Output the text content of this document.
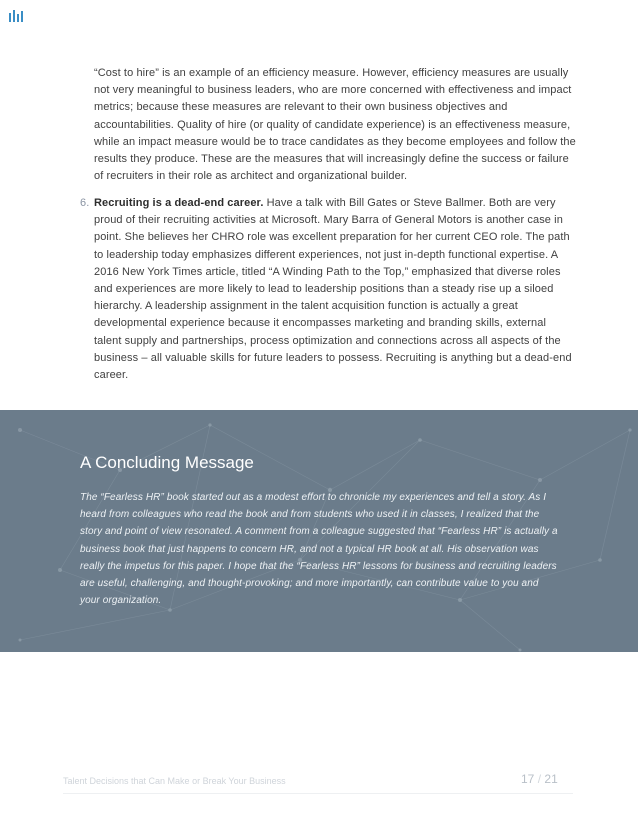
“Cost to hire” is an example of an efficiency measure. However, efficiency measures are usually not very meaningful to business leaders, who are more concerned with effectiveness and impact metrics; because these measures are relevant to their own business objectives and accountabilities. Quality of hire (or quality of candidate experience) is an effectiveness measure, while an impact measure would be to trace candidates as they become employees and follow the results they produce. These are the measures that will increasingly define the success or failure of recruiters in their role as architect and organizational builder.
6. Recruiting is a dead-end career. Have a talk with Bill Gates or Steve Ballmer. Both are very proud of their recruiting activities at Microsoft. Mary Barra of General Motors is another case in point. She believes her CHRO role was excellent preparation for her current CEO role. The path to leadership today emphasizes different experiences, not just in-depth functional expertise. A 2016 New York Times article, titled “A Winding Path to the Top,” emphasized that diverse roles and experiences are more likely to lead to leadership positions than a steady rise up a siloed hierarchy. A leadership assignment in the talent acquisition function is actually a great developmental experience because it encompasses marketing and branding skills, external talent supply and partnerships, process optimization and connections across all aspects of the business – all valuable skills for future leaders to possess. Recruiting is anything but a dead-end career.
A Concluding Message
The “Fearless HR” book started out as a modest effort to chronicle my experiences and tell a story. As I heard from colleagues who read the book and from students who used it in classes, I realized that the story and point of view resonated. A comment from a colleague suggested that “Fearless HR” is actually a business book that just happens to concern HR, and not a typical HR book at all. His observation was really the impetus for this paper. I hope that the “Fearless HR” lessons for business and recruiting leaders are useful, challenging, and thought-provoking; and more importantly, can contribute value to you and your organization.
Talent Decisions that Can Make or Break Your Business	17 / 21
